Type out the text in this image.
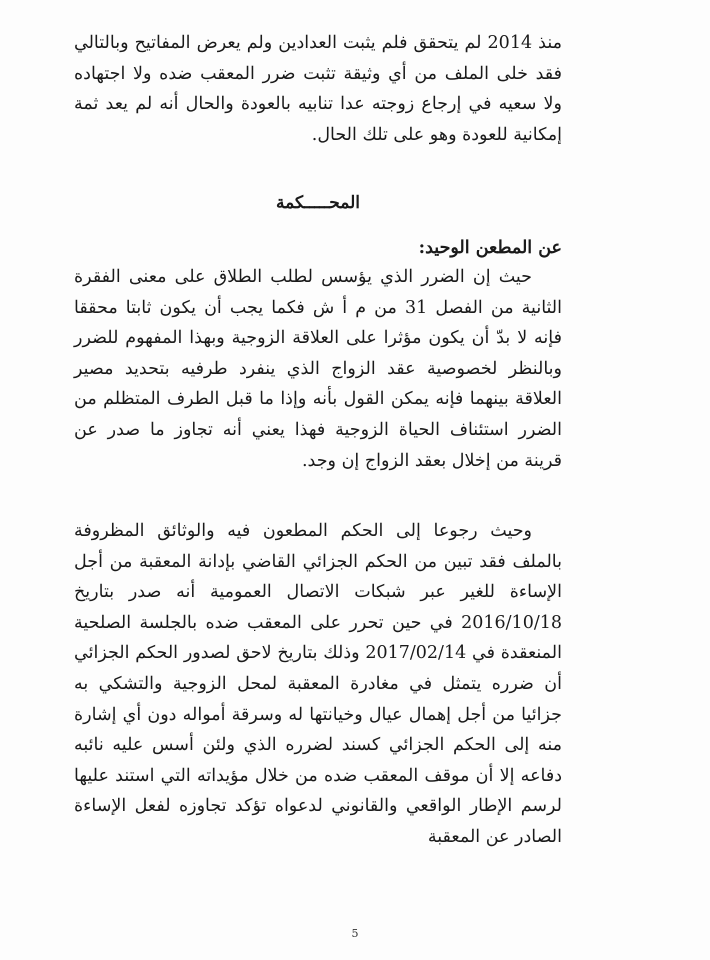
منذ 2014 لم يتحقق فلم يثبت العدادين ولم يعرض المفاتيح وبالتالي فقد خلى الملف من أي وثيقة تثبت ضرر المعقب ضده ولا اجتهاده ولا سعيه في إرجاع زوجته عدا تنابيه بالعودة والحال أنه لم يعد ثمة إمكانية للعودة وهو على تلك الحال.

المحـــــكمة
عن المطعن الوحيد:

حيث إن الضرر الذي يؤسس لطلب الطلاق على معنى الفقرة الثانية من الفصل 31 من م أ ش فكما يجب أن يكون ثابتا محققا فإنه لا بدّ أن يكون مؤثرا على العلاقة الزوجية وبهذا المفهوم للضرر وبالنظر لخصوصية عقد الزواج الذي ينفرد طرفيه بتحديد مصير العلاقة بينهما فإنه يمكن القول بأنه وإذا ما قبل الطرف المتظلم من الضرر استئناف الحياة الزوجية فهذا يعني أنه تجاوز ما صدر عن قرينة من إخلال بعقد الزواج إن وجد.

وحيث رجوعا إلى الحكم المطعون فيه والوثائق المظروفة بالملف فقد تبين من الحكم الجزائي القاضي بإدانة المعقبة من أجل الإساءة للغير عبر شبكات الاتصال العمومية أنه صدر بتاريخ 2016/10/18 في حين تحرر على المعقب ضده بالجلسة الصلحية المنعقدة في 2017/02/14 وذلك بتاريخ لاحق لصدور الحكم الجزائي أن ضرره يتمثل في مغادرة المعقبة لمحل الزوجية والتشكي به جزائيا من أجل إهمال عيال وخيانتها له وسرقة أمواله دون أي إشارة منه إلى الحكم الجزائي كسند لضرره الذي ولئن أسس عليه نائبه دفاعه إلا أن موقف المعقب ضده من خلال مؤيداته التي استند عليها لرسم الإطار الواقعي والقانوني لدعواه تؤكد تجاوزه لفعل الإساءة الصادر عن المعقبة

5
